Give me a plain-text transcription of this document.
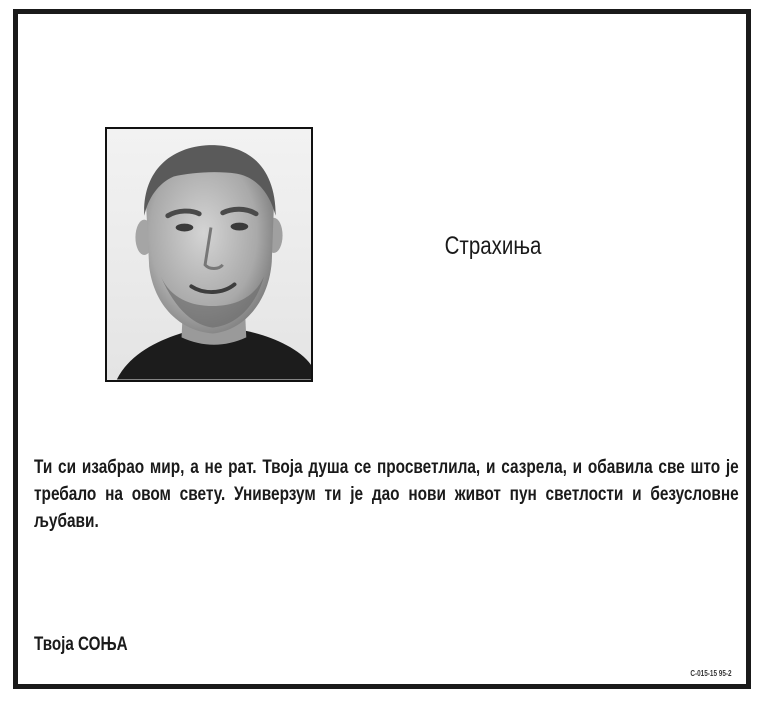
Страхиња
Ти си изабрао мир, а не рат. Твоја душа се просветлила, и сазрела, и обавила све што је требало на овом свету. Универзум ти је дао нови живот пун светлости и безусловне љубави.
Твоја СОЊА
C-015-15 95-2
